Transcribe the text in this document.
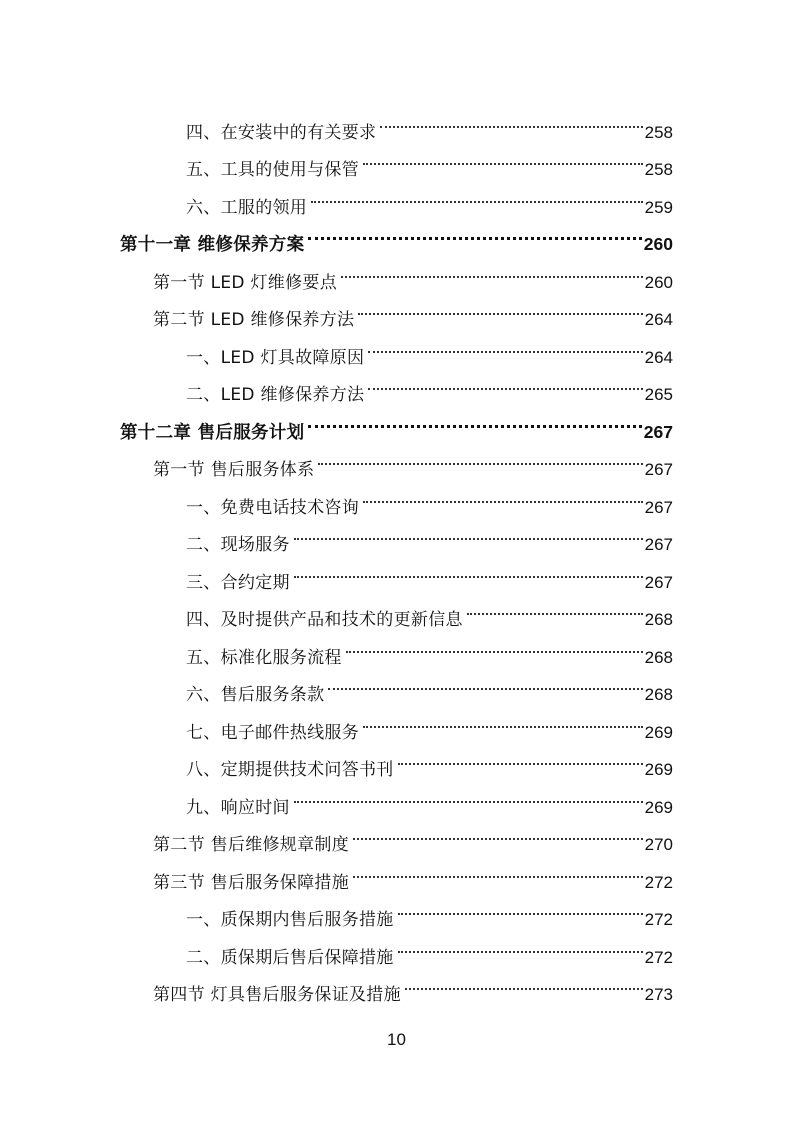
四、在安装中的有关要求	258
五、工具的使用与保管	258
六、工服的领用	259
第十一章 维修保养方案	260
第一节 LED 灯维修要点	260
第二节 LED 维修保养方法	264
一、LED 灯具故障原因	264
二、LED 维修保养方法	265
第十二章 售后服务计划	267
第一节 售后服务体系	267
一、免费电话技术咨询	267
二、现场服务	267
三、合约定期	267
四、及时提供产品和技术的更新信息	268
五、标准化服务流程	268
六、售后服务条款	268
七、电子邮件热线服务	269
八、定期提供技术问答书刊	269
九、响应时间	269
第二节 售后维修规章制度	270
第三节 售后服务保障措施	272
一、质保期内售后服务措施	272
二、质保期后售后保障措施	272
第四节 灯具售后服务保证及措施	273
10
